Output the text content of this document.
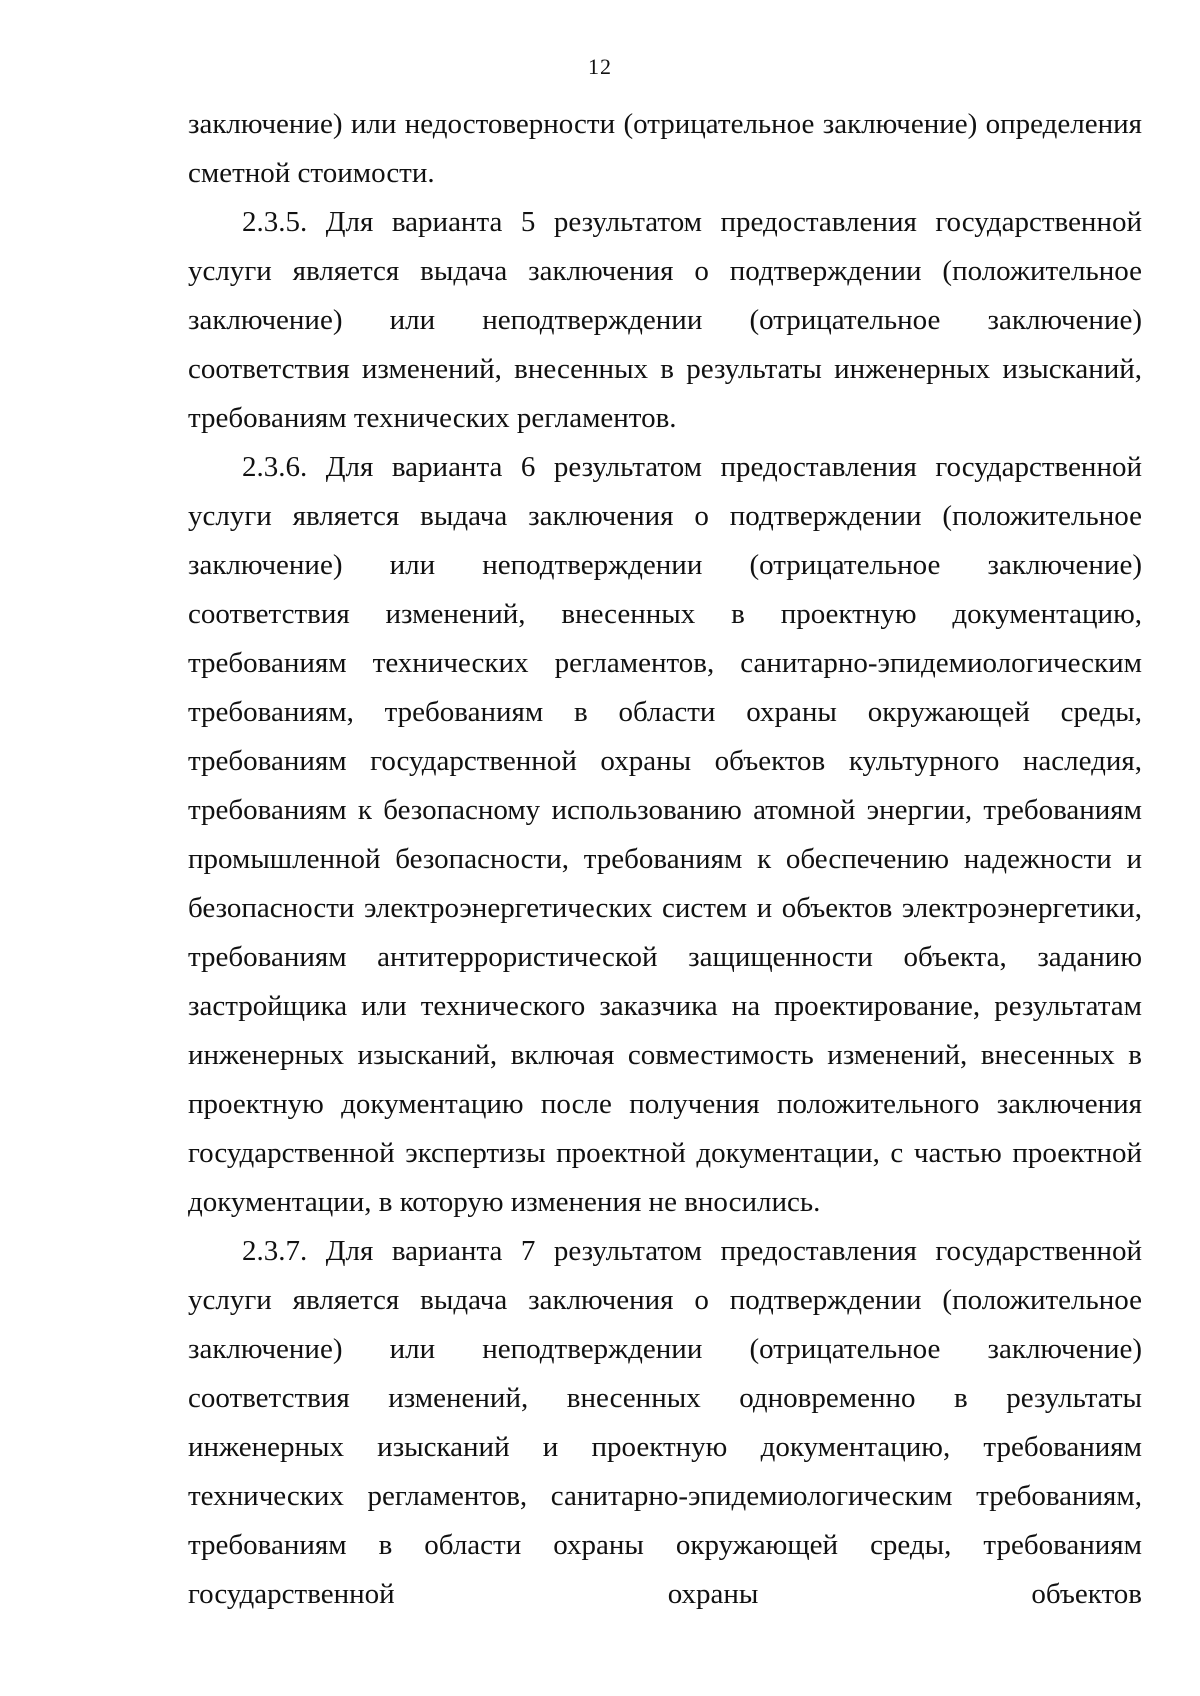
12

заключение) или недостоверности (отрицательное заключение) определения сметной стоимости.

2.3.5. Для варианта 5 результатом предоставления государственной услуги является выдача заключения о подтверждении (положительное заключение) или неподтверждении (отрицательное заключение) соответствия изменений, внесенных в результаты инженерных изысканий, требованиям технических регламентов.

2.3.6. Для варианта 6 результатом предоставления государственной услуги является выдача заключения о подтверждении (положительное заключение) или неподтверждении (отрицательное заключение) соответствия изменений, внесенных в проектную документацию, требованиям технических регламентов, санитарно-эпидемиологическим требованиям, требованиям в области охраны окружающей среды, требованиям государственной охраны объектов культурного наследия, требованиям к безопасному использованию атомной энергии, требованиям промышленной безопасности, требованиям к обеспечению надежности и безопасности электроэнергетических систем и объектов электроэнергетики, требованиям антитеррористической защищенности объекта, заданию застройщика или технического заказчика на проектирование, результатам инженерных изысканий, включая совместимость изменений, внесенных в проектную документацию после получения положительного заключения государственной экспертизы проектной документации, с частью проектной документации, в которую изменения не вносились.

2.3.7. Для варианта 7 результатом предоставления государственной услуги является выдача заключения о подтверждении (положительное заключение) или неподтверждении (отрицательное заключение) соответствия изменений, внесенных одновременно в результаты инженерных изысканий и проектную документацию, требованиям технических регламентов, санитарно-эпидемиологическим требованиям, требованиям в области охраны окружающей среды, требованиям государственной охраны объектов
